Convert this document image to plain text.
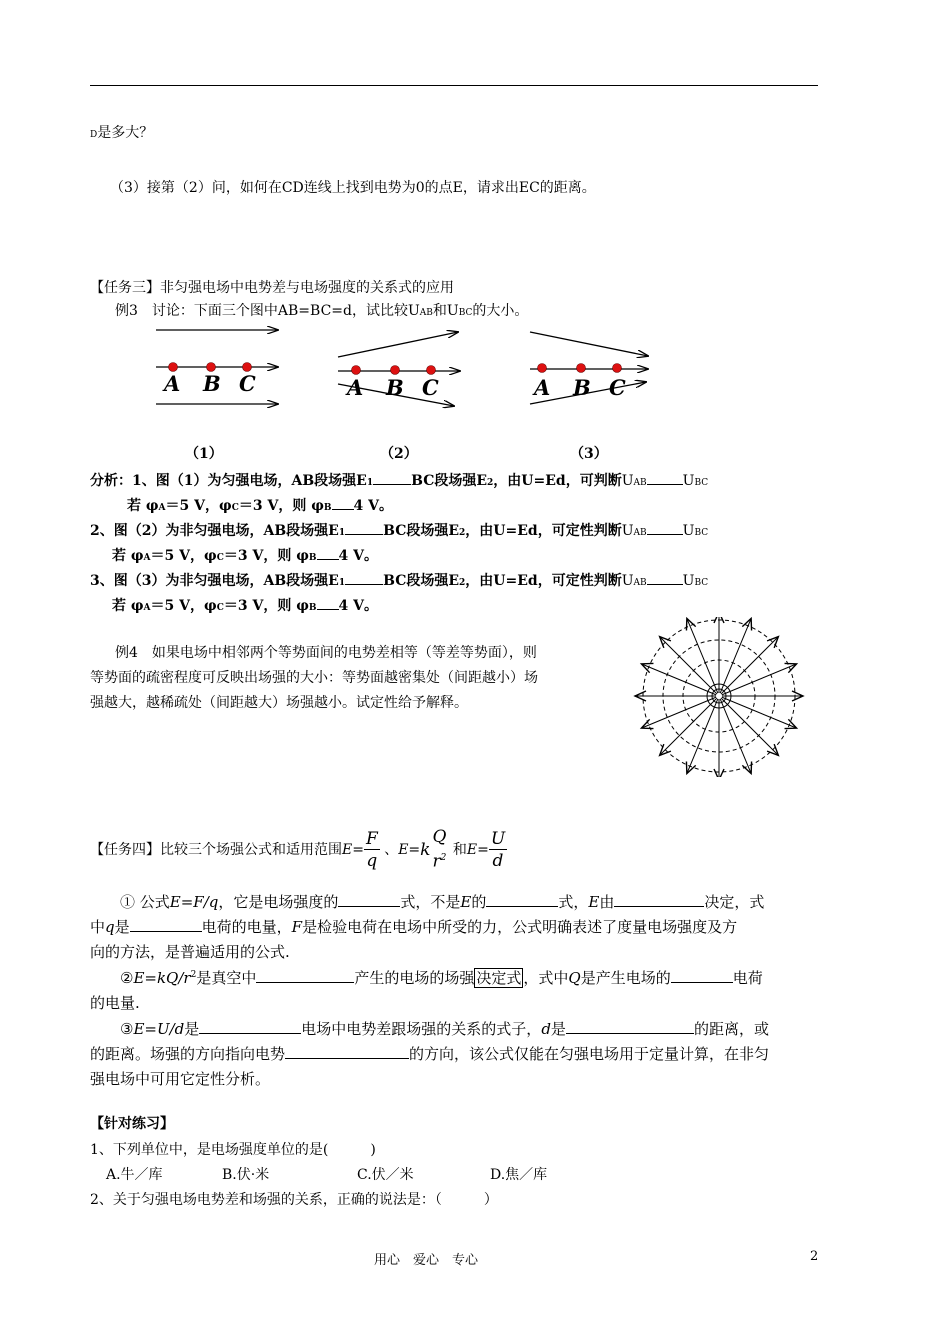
D是多大？
（3）接第（2）问，如何在CD连线上找到电势为0的点E，请求出EC的距离。
【任务三】非匀强电场中电势差与电场强度的关系式的应用
例3　讨论：下面三个图中AB=BC=d，试比较UAB和UBC的大小。
A B C	A B C	A B C
（1）	（2）	（3）
分析：1、图（1）为匀强电场，AB段场强E1	BC段场强E2，由U=Ed，可判断UAB	UBC
若 φA＝5 V，φC＝3 V，则 φB 4 V。
2、图（2）为非匀强电场，AB段场强E1	BC段场强E2，由U=Ed，可定性判断UAB	UBC
若 φA＝5 V，φC＝3 V，则 φB 4 V。
3、图（3）为非匀强电场，AB段场强E1	BC段场强E2，由U=Ed，可定性判断UAB	UBC
若 φA＝5 V，φC＝3 V，则 φB 4 V。
例4　如果电场中相邻两个等势面间的电势差相等（等差等势面），则
等势面的疏密程度可反映出场强的大小：等势面越密集处（间距越小）场
强越大，越稀疏处（间距越大）场强越小。试定性给予解释。
【任务四】比较三个场强公式和适用范围$E= \frac{F}{q}$ 、E=k
Q
$r^2$
和$E= \frac{U}{d}$
① 公式E=F/q，它是电场强度的	式，不是E的	式，E由	决定，式
中q是	电荷的电量，F是检验电荷在电场中所受的力，公式明确表述了度量电场强度及方
向的方法，是普遍适用的公式.
$②E=kQ/r^2$是真空中	产生的电场的场强 决定式 ，式中Q是产生电场的	电荷
的电量.
③E=U/d是	电场中电势差跟场强的关系的式子，d是	的距离，或
的距离。场强的方向指向电势	的方向，该公式仅能在匀强电场用于定量计算，在非匀
强电场中可用它定性分析。
【针对练习】
1、下列单位中，是电场强度单位的是(　　　)
A.牛／库	B.伏·米	C.伏／米	D.焦／库
2、关于匀强电场电势差和场强的关系，正确的说法是：（　　　）
用心　爱心　专心	2
